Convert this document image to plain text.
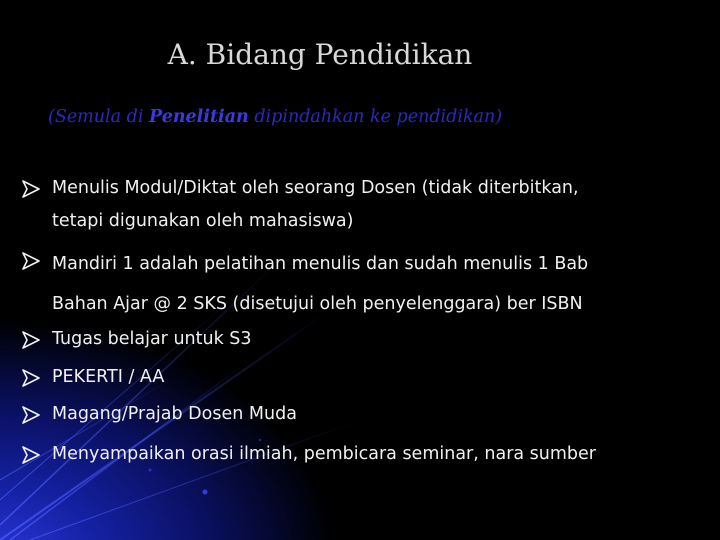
A. Bidang Pendidikan
(Semula di Penelitian dipindahkan ke pendidikan)
Menulis Modul/Diktat oleh seorang Dosen (tidak diterbitkan,
tetapi digunakan oleh mahasiswa)
Mandiri 1 adalah pelatihan menulis dan sudah menulis 1 Bab
Bahan Ajar @ 2 SKS (disetujui oleh penyelenggara) ber ISBN
Tugas belajar untuk S3
PEKERTI / AA
Magang/Prajab Dosen Muda
Menyampaikan orasi ilmiah, pembicara seminar, nara sumber
